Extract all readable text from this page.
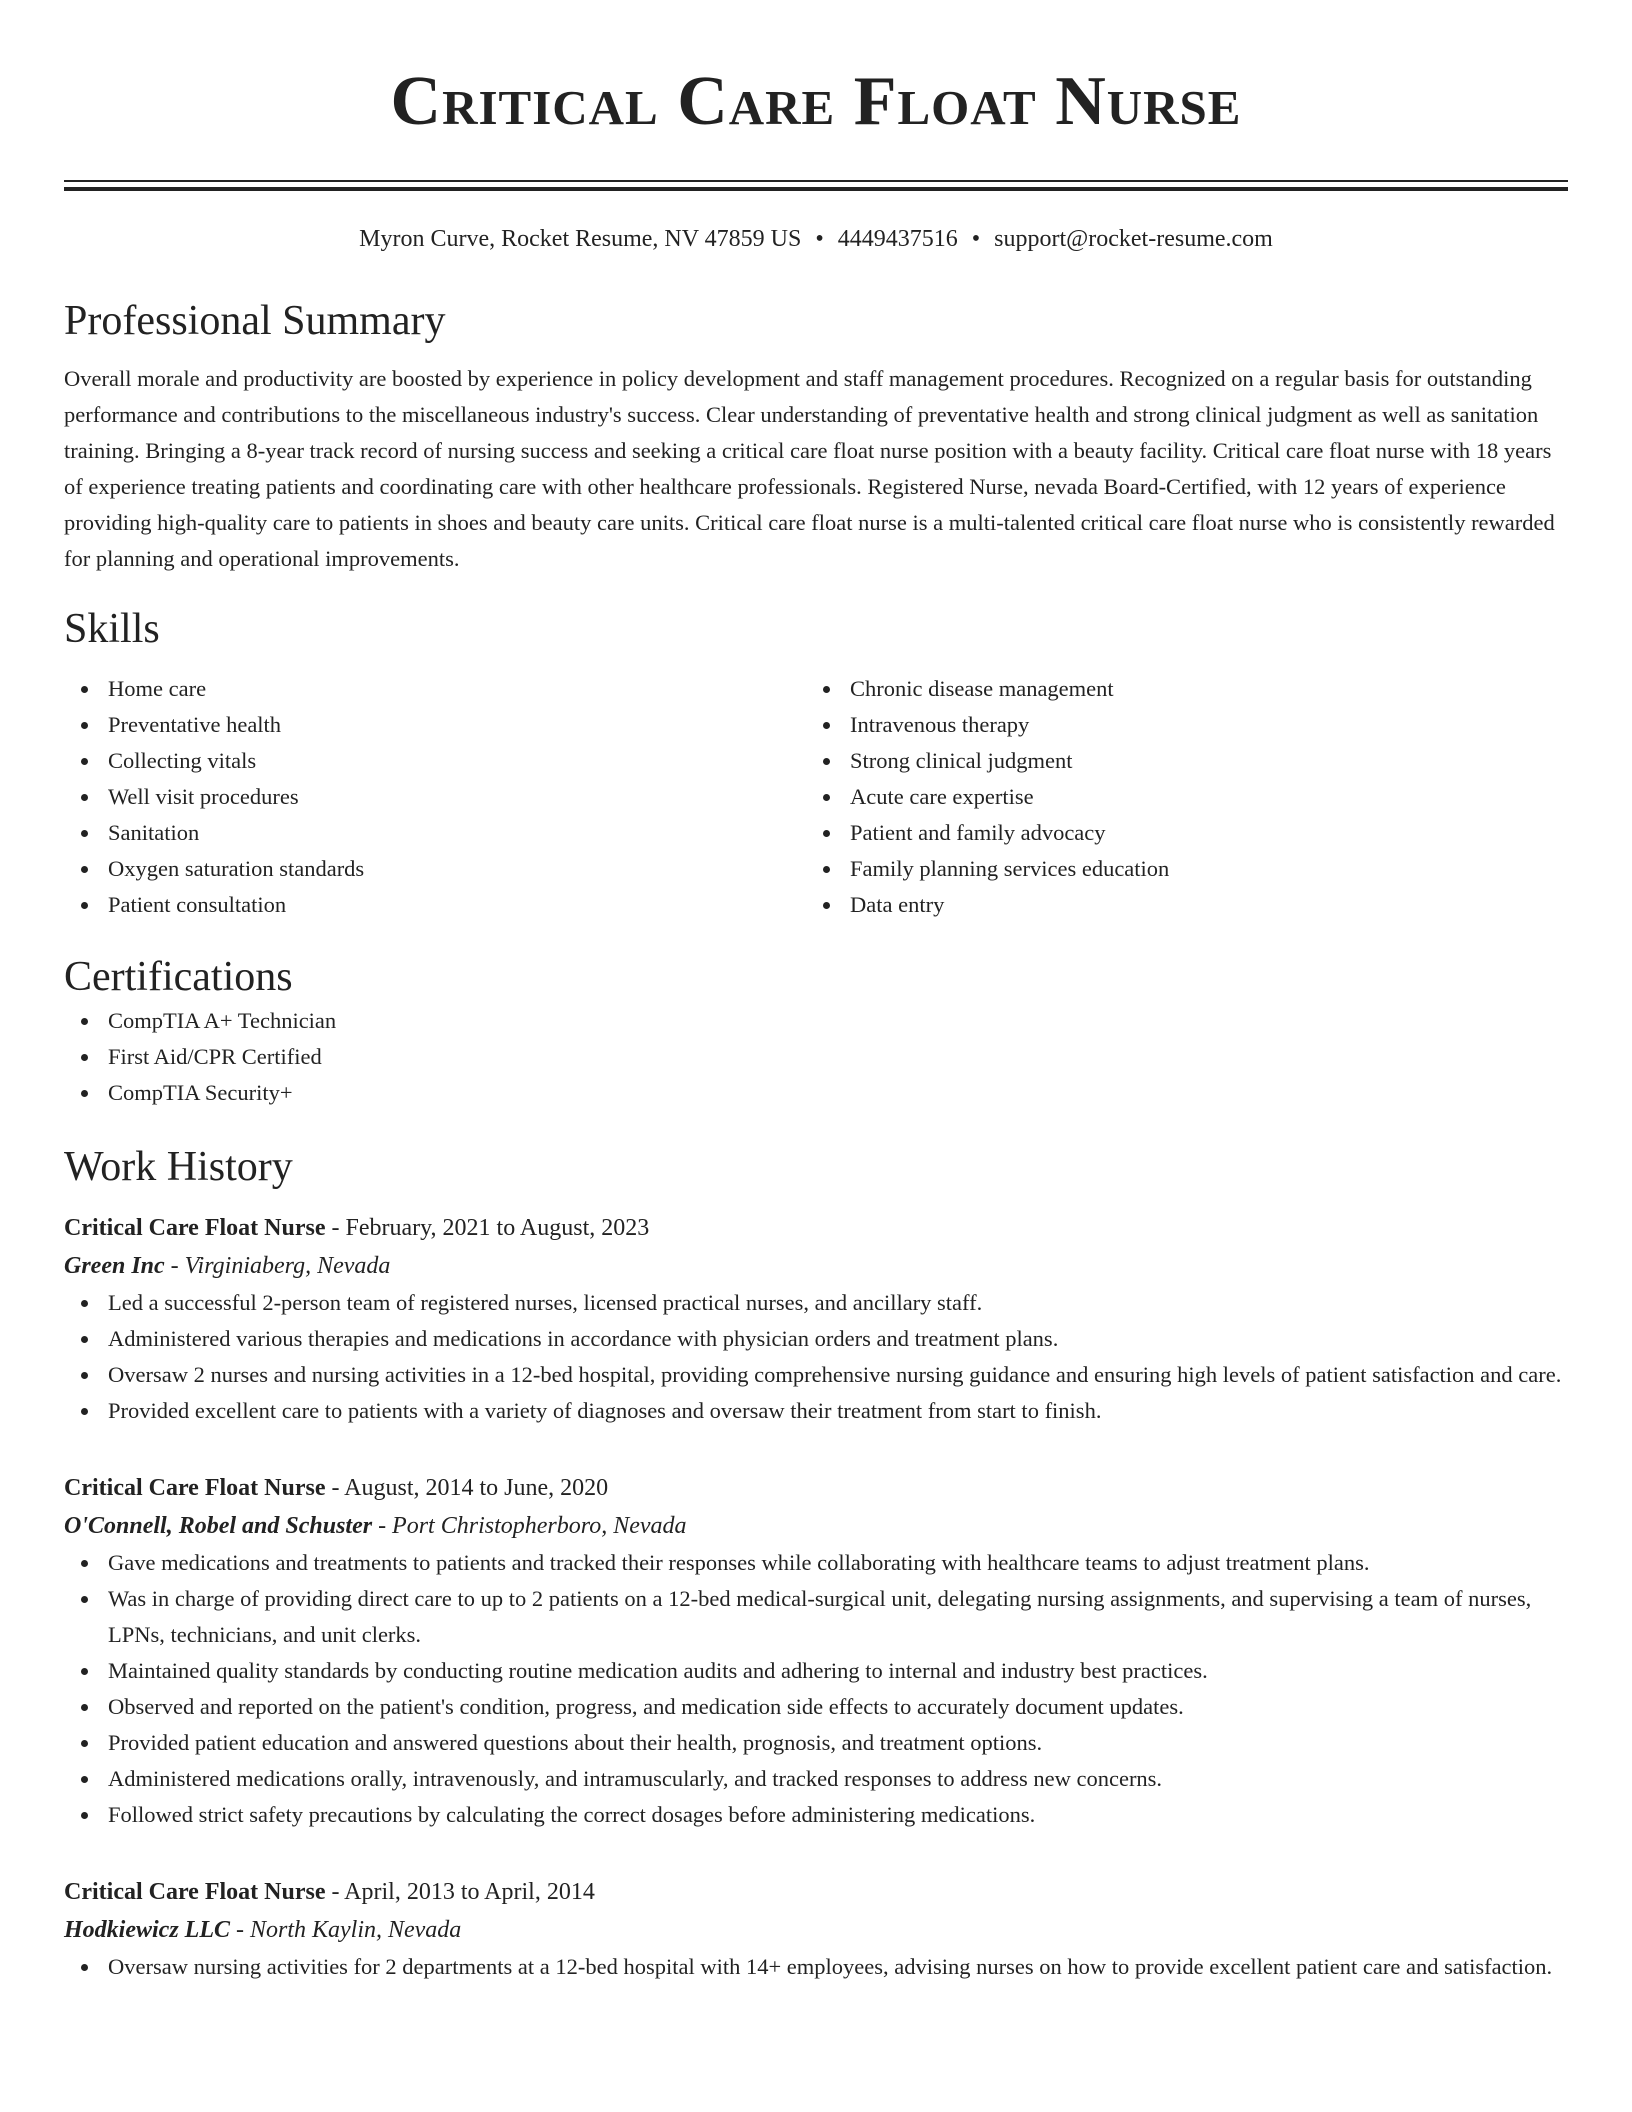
Critical Care Float Nurse
Myron Curve, Rocket Resume, NV 47859 US • 4449437516 • support@rocket-resume.com
Professional Summary

Overall morale and productivity are boosted by experience in policy development and staff management procedures. Recognized on a regular basis for outstanding performance and contributions to the miscellaneous industry's success. Clear understanding of preventative health and strong clinical judgment as well as sanitation training. Bringing a 8-year track record of nursing success and seeking a critical care float nurse position with a beauty facility. Critical care float nurse with 18 years of experience treating patients and coordinating care with other healthcare professionals. Registered Nurse, nevada Board-Certified, with 12 years of experience providing high-quality care to patients in shoes and beauty care units. Critical care float nurse is a multi-talented critical care float nurse who is consistently rewarded for planning and operational improvements.

Skills
Home care
Preventative health
Collecting vitals
Well visit procedures
Sanitation
Oxygen saturation standards
Patient consultation
Chronic disease management
Intravenous therapy
Strong clinical judgment
Acute care expertise
Patient and family advocacy
Family planning services education
Data entry
Certifications
CompTIA A+ Technician
First Aid/CPR Certified
CompTIA Security+
Work History
Critical Care Float Nurse - February, 2021 to August, 2023
Green Inc - Virginiaberg, Nevada
Led a successful 2-person team of registered nurses, licensed practical nurses, and ancillary staff.
Administered various therapies and medications in accordance with physician orders and treatment plans.
Oversaw 2 nurses and nursing activities in a 12-bed hospital, providing comprehensive nursing guidance and ensuring high levels of patient satisfaction and care.
Provided excellent care to patients with a variety of diagnoses and oversaw their treatment from start to finish.
Critical Care Float Nurse - August, 2014 to June, 2020
O'Connell, Robel and Schuster - Port Christopherboro, Nevada
Gave medications and treatments to patients and tracked their responses while collaborating with healthcare teams to adjust treatment plans.
Was in charge of providing direct care to up to 2 patients on a 12-bed medical-surgical unit, delegating nursing assignments, and supervising a team of nurses, LPNs, technicians, and unit clerks.
Maintained quality standards by conducting routine medication audits and adhering to internal and industry best practices.
Observed and reported on the patient's condition, progress, and medication side effects to accurately document updates.
Provided patient education and answered questions about their health, prognosis, and treatment options.
Administered medications orally, intravenously, and intramuscularly, and tracked responses to address new concerns.
Followed strict safety precautions by calculating the correct dosages before administering medications.
Critical Care Float Nurse - April, 2013 to April, 2014
Hodkiewicz LLC - North Kaylin, Nevada
Oversaw nursing activities for 2 departments at a 12-bed hospital with 14+ employees, advising nurses on how to provide excellent patient care and satisfaction.
